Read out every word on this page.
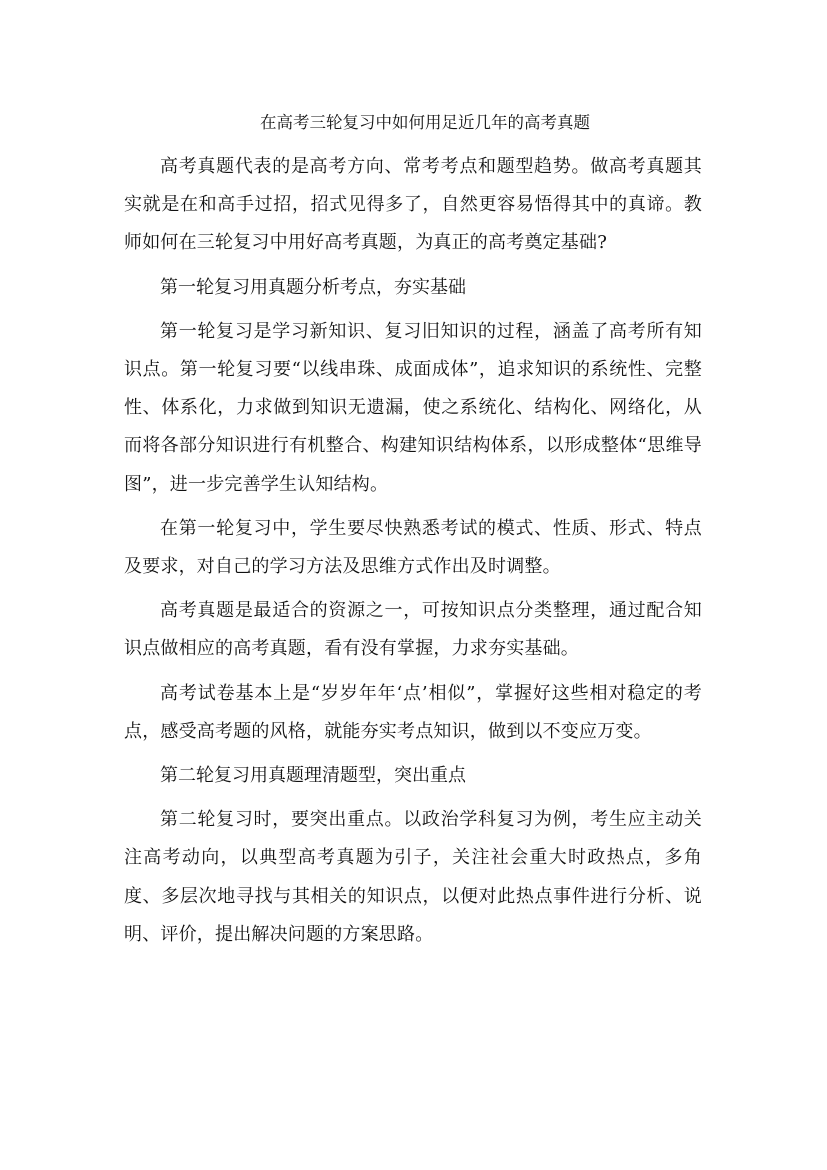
在高考三轮复习中如何用足近几年的高考真题

高考真题代表的是高考方向、常考考点和题型趋势。做高考真题其实就是在和高手过招，招式见得多了，自然更容易悟得其中的真谛。教师如何在三轮复习中用好高考真题，为真正的高考奠定基础?

第一轮复习用真题分析考点，夯实基础

第一轮复习是学习新知识、复习旧知识的过程，涵盖了高考所有知识点。第一轮复习要“以线串珠、成面成体”，追求知识的系统性、完整性、体系化，力求做到知识无遗漏，使之系统化、结构化、网络化，从而将各部分知识进行有机整合、构建知识结构体系，以形成整体“思维导图”，进一步完善学生认知结构。

在第一轮复习中，学生要尽快熟悉考试的模式、性质、形式、特点及要求，对自己的学习方法及思维方式作出及时调整。

高考真题是最适合的资源之一，可按知识点分类整理，通过配合知识点做相应的高考真题，看有没有掌握，力求夯实基础。

高考试卷基本上是“岁岁年年‘点’相似”，掌握好这些相对稳定的考点，感受高考题的风格，就能夯实考点知识，做到以不变应万变。

第二轮复习用真题理清题型，突出重点

第二轮复习时，要突出重点。以政治学科复习为例，考生应主动关注高考动向，以典型高考真题为引子，关注社会重大时政热点，多角度、多层次地寻找与其相关的知识点，以便对此热点事件进行分析、说明、评价，提出解决问题的方案思路。
